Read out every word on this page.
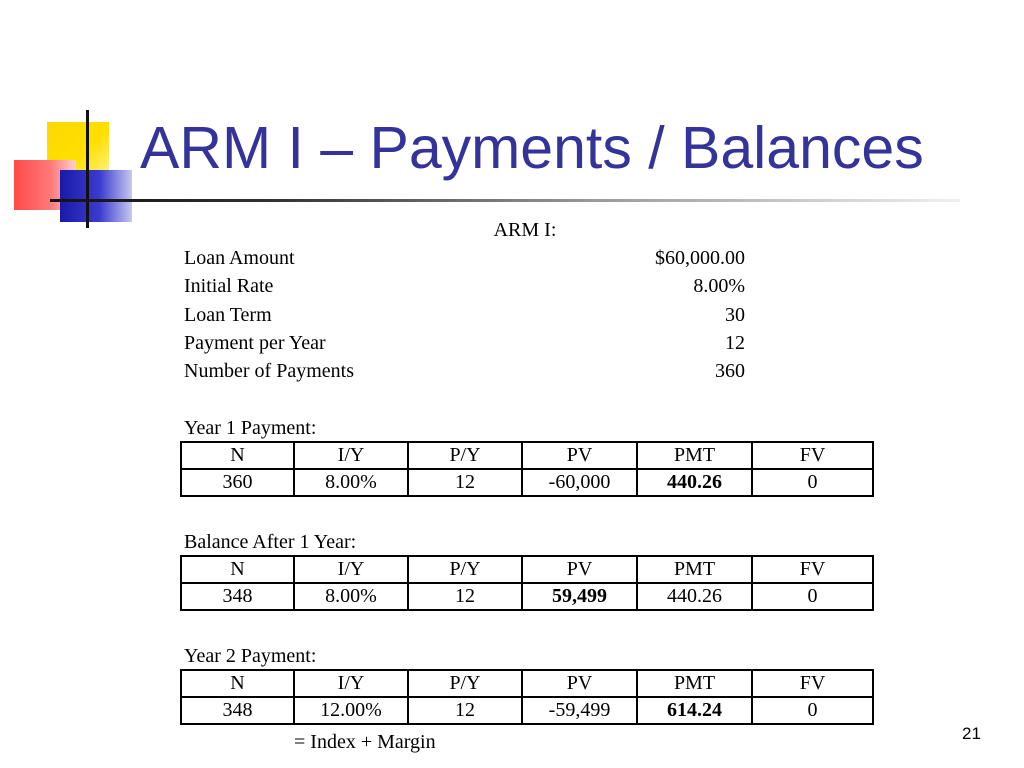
ARM I – Payments / Balances
ARM I:
Loan Amount	$60,000.00
Initial Rate	8.00%
Loan Term	30
Payment per Year	12
Number of Payments	360
Year 1 Payment:
N	I/Y	P/Y	PV	PMT	FV
360	8.00%	12	-60,000	440.26	0
Balance After 1 Year:
N	I/Y	P/Y	PV	PMT	FV
348	8.00%	12	59,499	440.26	0
Year 2 Payment:
N	I/Y	P/Y	PV	PMT	FV
348	12.00%	12	-59,499	614.24	0
= Index + Margin	21
